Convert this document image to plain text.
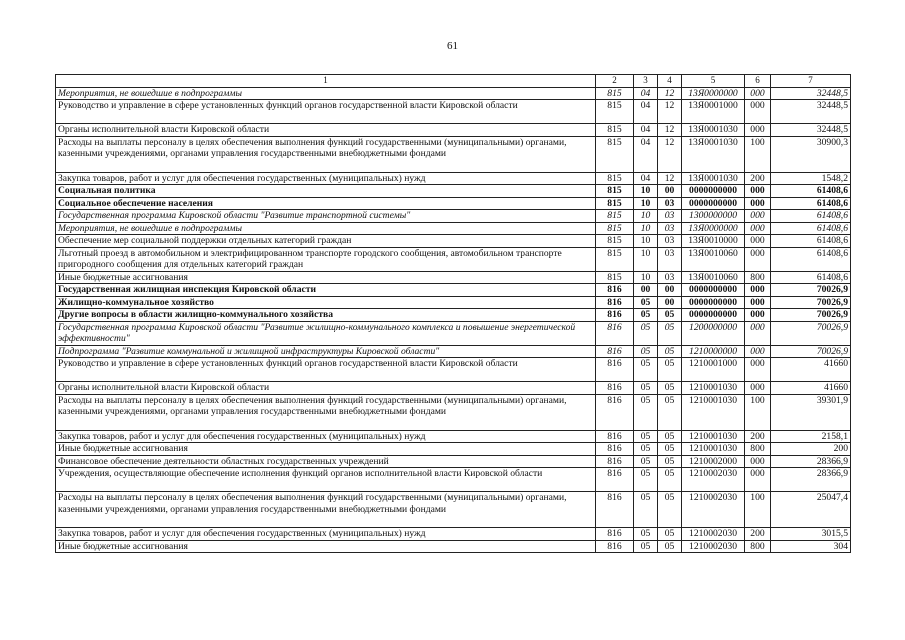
61
1	2	3	4	5	6	7
Мероприятия, не вошедшие в подпрограммы	815	04	12	13Я0000000	000	32448,5
Руководство и управление в сфере установленных функций органов государственной власти Кировской области	815	04	12	13Я0001000	000	32448,5
Органы исполнительной власти Кировской области	815	04	12	13Я0001030	000	32448,5
Расходы на выплаты персоналу в целях обеспечения выполнения функций государственными (муниципальными) органами, казенными учреждениями, органами управления государственными внебюджетными фондами	815	04	12	13Я0001030	100	30900,3
Закупка товаров, работ и услуг для обеспечения государственных (муниципальных) нужд	815	04	12	13Я0001030	200	1548,2
Социальная политика	815	10	00	0000000000	000	61408,6
Социальное обеспечение населения	815	10	03	0000000000	000	61408,6
Государственная программа Кировской области "Развитие транспортной системы"	815	10	03	1300000000	000	61408,6
Мероприятия, не вошедшие в подпрограммы	815	10	03	13Я0000000	000	61408,6
Обеспечение мер социальной поддержки отдельных категорий граждан	815	10	03	13Я0010000	000	61408,6
Льготный проезд в автомобильном и электрифицированном транспорте городского сообщения, автомобильном транспорте пригородного сообщения для отдельных категорий граждан	815	10	03	13Я0010060	000	61408,6
Иные бюджетные ассигнования	815	10	03	13Я0010060	800	61408,6
Государственная жилищная инспекция Кировской области	816	00	00	0000000000	000	70026,9
Жилищно-коммунальное хозяйство	816	05	00	0000000000	000	70026,9
Другие вопросы в области жилищно-коммунального хозяйства	816	05	05	0000000000	000	70026,9
Государственная программа Кировской области "Развитие жилищно-коммунального комплекса и повышение энергетической эффективности"	816	05	05	1200000000	000	70026,9
Подпрограмма "Развитие коммунальной и жилищной инфраструктуры Кировской области"	816	05	05	1210000000	000	70026,9
Руководство и управление в сфере установленных функций органов государственной власти Кировской области	816	05	05	1210001000	000	41660
Органы исполнительной власти Кировской области	816	05	05	1210001030	000	41660
Расходы на выплаты персоналу в целях обеспечения выполнения функций государственными (муниципальными) органами, казенными учреждениями, органами управления государственными внебюджетными фондами	816	05	05	1210001030	100	39301,9
Закупка товаров, работ и услуг для обеспечения государственных (муниципальных) нужд	816	05	05	1210001030	200	2158,1
Иные бюджетные ассигнования	816	05	05	1210001030	800	200
Финансовое обеспечение деятельности областных государственных учреждений	816	05	05	1210002000	000	28366,9
Учреждения, осуществляющие обеспечение исполнения функций органов исполнительной власти Кировской области	816	05	05	1210002030	000	28366,9
Расходы на выплаты персоналу в целях обеспечения выполнения функций государственными (муниципальными) органами, казенными учреждениями, органами управления государственными внебюджетными фондами	816	05	05	1210002030	100	25047,4
Закупка товаров, работ и услуг для обеспечения государственных (муниципальных) нужд	816	05	05	1210002030	200	3015,5
Иные бюджетные ассигнования	816	05	05	1210002030	800	304
